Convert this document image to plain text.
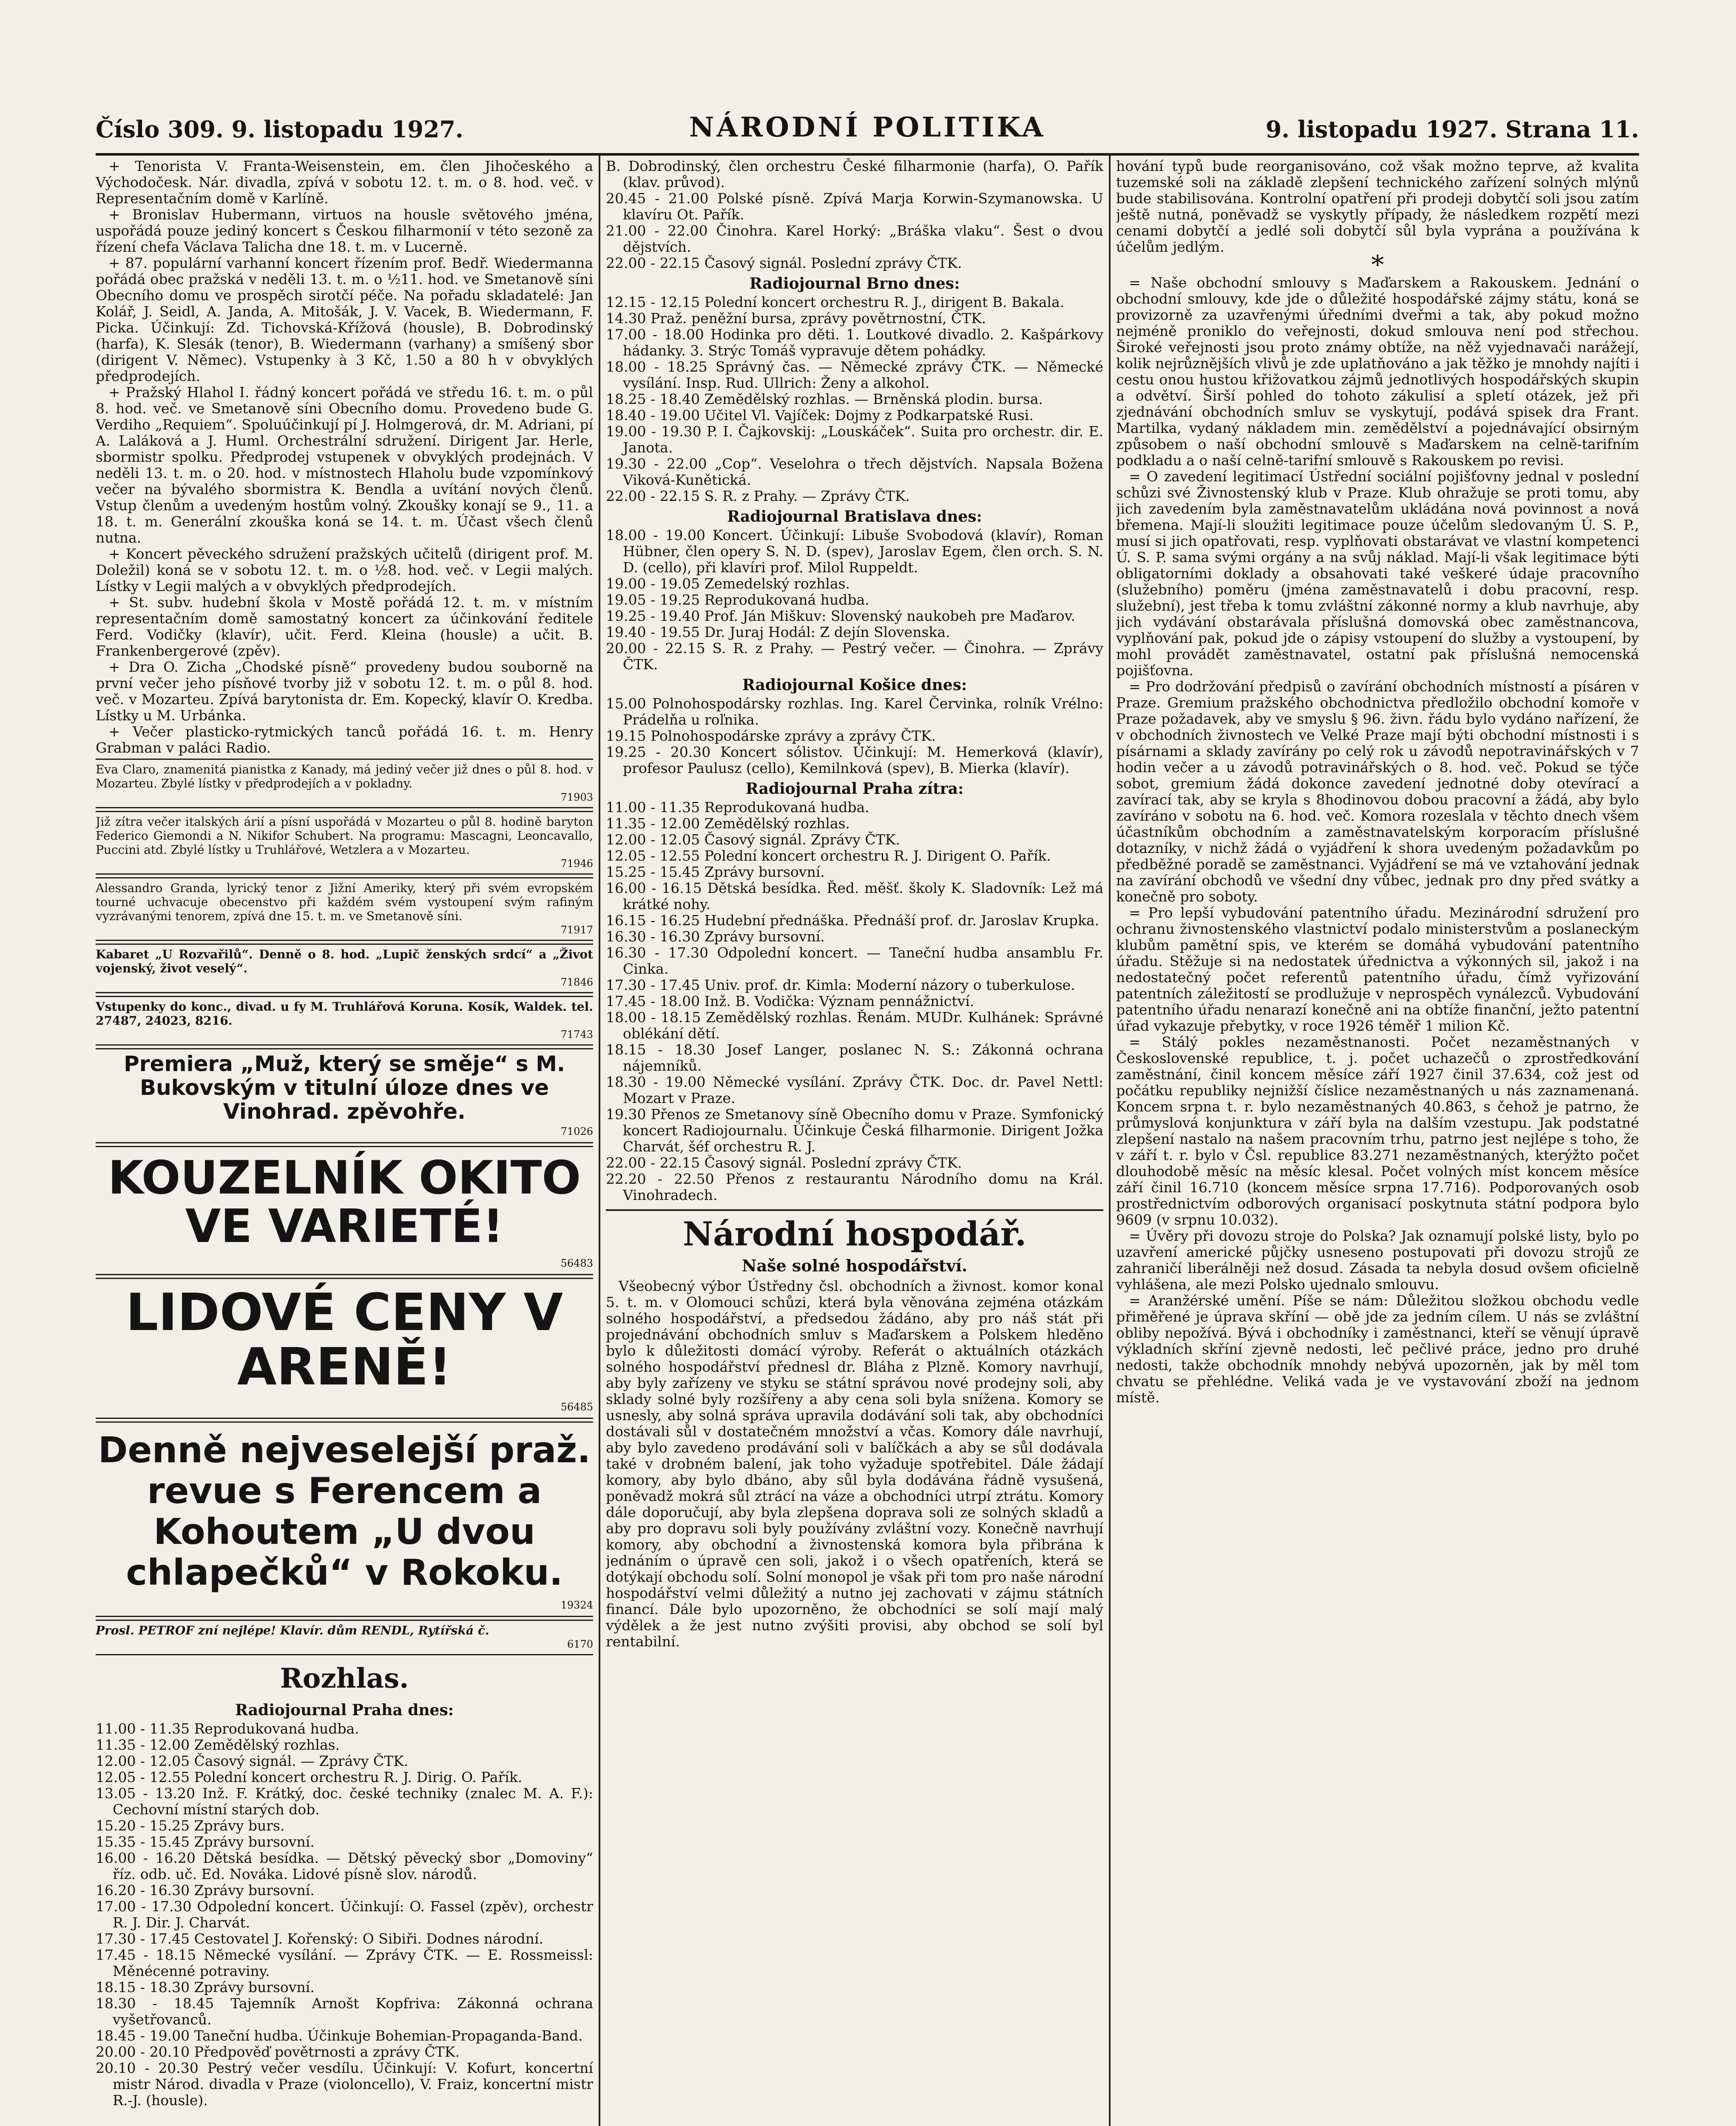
Číslo 309. 9. listopadu 1927.	NÁRODNÍ POLITIKA	9. listopadu 1927. Strana 11.

+ Tenorista V. Franta-Weisenstein, em. člen Jihočeského a Východočesk. Nár. divadla, zpívá v sobotu 12. t. m. o 8. hod. več. v Representačním domě v Karlíně.

+ Bronislav Hubermann, virtuos na housle světového jména, uspořádá pouze jediný koncert s Českou filharmonií v této sezoně za řízení chefa Václava Talicha dne 18. t. m. v Lucerně.

+ 87. populární varhanní koncert řízením prof. Bedř. Wiedermanna pořádá obec pražská v neděli 13. t. m. o ½11. hod. ve Smetanově síni Obecního domu ve prospěch sirotčí péče. Na pořadu skladatelé: Jan Kolář, J. Seidl, A. Janda, A. Mitošák, J. V. Vacek, B. Wiedermann, F. Picka. Účinkují: Zd. Tichovská-Křížová (housle), B. Dobrodinský (harfa), K. Slesák (tenor), B. Wiedermann (varhany) a smíšený sbor (dirigent V. Němec). Vstupenky à 3 Kč, 1.50 a 80 h v obvyklých předprodejích.

+ Pražský Hlahol I. řádný koncert pořádá ve středu 16. t. m. o půl 8. hod. več. ve Smetanově síni Obecního domu. Provedeno bude G. Verdiho „Requiem“. Spoluúčinkují pí J. Holmgerová, dr. M. Adriani, pí A. Laláková a J. Huml. Orchestrální sdružení. Dirigent Jar. Herle, sbormistr spolku. Předprodej vstupenek v obvyklých prodejnách. V neděli 13. t. m. o 20. hod. v místnostech Hlaholu bude vzpomínkový večer na bývalého sbormistra K. Bendla a uvítání nových členů. Vstup členům a uvedeným hostům volný. Zkoušky konají se 9., 11. a 18. t. m. Generální zkouška koná se 14. t. m. Účast všech členů nutna.

+ Koncert pěveckého sdružení pražských učitelů (dirigent prof. M. Doležil) koná se v sobotu 12. t. m. o ½8. hod. več. v Legii malých. Lístky v Legii malých a v obvyklých předprodejích.

+ St. subv. hudební škola v Mostě pořádá 12. t. m. v místním representačním domě samostatný koncert za účinkování ředitele Ferd. Vodičky (klavír), učit. Ferd. Kleina (housle) a učit. B. Frankenbergerové (zpěv).

+ Dra O. Zicha „Chodské písně“ provedeny budou souborně na první večer jeho písňové tvorby již v sobotu 12. t. m. o půl 8. hod. več. v Mozarteu. Zpívá barytonista dr. Em. Kopecký, klavír O. Kredba. Lístky u M. Urbánka.

+ Večer plasticko-rytmických tanců pořádá 16. t. m. Henry Grabman v paláci Radio.

Eva Claro, znamenitá pianistka z Kanady, má jediný večer již dnes o půl 8. hod. v Mozarteu. Zbylé lístky v předprodejích a v pokladny.

71903

Již zítra večer italských árií a písní uspořádá v Mozarteu o půl 8. hodině baryton Federico Giemondi a N. Nikifor Schubert. Na programu: Mascagni, Leoncavallo, Puccini atd. Zbylé lístky u Truhlářové, Wetzlera a v Mozarteu.

71946

Alessandro Granda, lyrický tenor z Jižní Ameriky, který při svém evropském tourné uchvacuje obecenstvo při každém svém vystoupení svým rafiným vyzrávanými tenorem, zpívá dne 15. t. m. ve Smetanově síni.

71917

Kabaret „U Rozvařilů“. Denně o 8. hod. „Lupič ženských srdcí“ a „Život vojenský, život veselý“.

71846

Vstupenky do konc., divad. u fy M. Truhlářová Koruna. Kosík, Waldek. tel. 27487, 24023, 8216.

71743

Premiera „Muž, který se směje“ s M. Bukovským v titulní úloze dnes ve Vinohrad. zpěvohře.

71026

KOUZELNÍK OKITO VE VARIETÉ!

56483

LIDOVÉ CENY V ARENĚ!

56485

Denně nejveselejší praž. revue s Ferencem a Kohoutem „U dvou chlapečků“ v Rokoku.

19324

Prosl. PETROF zní nejlépe! Klavír. dům RENDL, Rytířská č.

6170

Rozhlas.

Radiojournal Praha dnes:

11.00 - 11.35 Reprodukovaná hudba.

11.35 - 12.00 Zemědělský rozhlas.

12.00 - 12.05 Časový signál. — Zprávy ČTK.

12.05 - 12.55 Polední koncert orchestru R. J. Dirig. O. Pařík.

13.05 - 13.20 Inž. F. Krátký, doc. české techniky (znalec M. A. F.): Cechovní místní starých dob.

15.20 - 15.25 Zprávy burs.

15.35 - 15.45 Zprávy bursovní.

16.00 - 16.20 Dětská besídka. — Dětský pěvecký sbor „Domoviny“ říz. odb. uč. Ed. Nováka. Lidové písně slov. národů.

16.20 - 16.30 Zprávy bursovní.

17.00 - 17.30 Odpolední koncert. Účinkují: O. Fassel (zpěv), orchestr R. J. Dir. J. Charvát.

17.30 - 17.45 Cestovatel J. Kořenský: O Sibiři. Dodnes národní.

17.45 - 18.15 Německé vysílání. — Zprávy ČTK. — E. Rossmeissl: Měnécenné potraviny.

18.15 - 18.30 Zprávy bursovní.

18.30 - 18.45 Tajemník Arnošt Kopfriva: Zákonná ochrana vyšetřovanců.

18.45 - 19.00 Taneční hudba. Účinkuje Bohemian-Propaganda-Band.

20.00 - 20.10 Předpověď povětrnosti a zprávy ČTK.

20.10 - 20.30 Pestrý večer vesdílu. Účinkují: V. Kofurt, koncertní mistr Národ. divadla v Praze (violoncello), V. Fraiz, koncertní mistr R.-J. (housle).

B. Dobrodinský, člen orchestru České filharmonie (harfa), O. Pařík (klav. průvod).

20.45 - 21.00 Polské písně. Zpívá Marja Korwin-Szymanowska. U klavíru Ot. Pařík.

21.00 - 22.00 Činohra. Karel Horký: „Bráška vlaku“. Šest o dvou dějstvích.

22.00 - 22.15 Časový signál. Poslední zprávy ČTK.

Radiojournal Brno dnes:

12.15 - 12.15 Polední koncert orchestru R. J., dirigent B. Bakala.

14.30 Praž. peněžní bursa, zprávy povětrnostní, ČTK.

17.00 - 18.00 Hodinka pro děti. 1. Loutkové divadlo. 2. Kašpárkovy hádanky. 3. Strýc Tomáš vypravuje dětem pohádky.

18.00 - 18.25 Správný čas. — Německé zprávy ČTK. — Německé vysílání. Insp. Rud. Ullrich: Ženy a alkohol.

18.25 - 18.40 Zemědělský rozhlas. — Brněnská plodin. bursa.

18.40 - 19.00 Učitel Vl. Vajíček: Dojmy z Podkarpatské Rusi.

19.00 - 19.30 P. I. Čajkovskij: „Louskáček“. Suita pro orchestr. dir. E. Janota.

19.30 - 22.00 „Cop“. Veselohra o třech dějstvích. Napsala Božena Viková-Kunětická.

22.00 - 22.15 S. R. z Prahy. — Zprávy ČTK.

Radiojournal Bratislava dnes:

18.00 - 19.00 Koncert. Účinkují: Libuše Svobodová (klavír), Roman Hübner, člen opery S. N. D. (spev), Jaroslav Egem, člen orch. S. N. D. (cello), při klavíri prof. Milol Ruppeldt.

19.00 - 19.05 Zemedelský rozhlas.

19.05 - 19.25 Reprodukovaná hudba.

19.25 - 19.40 Prof. Ján Miškuv: Slovenský naukobeh pre Maďarov.

19.40 - 19.55 Dr. Juraj Hodál: Z dejín Slovenska.

20.00 - 22.15 S. R. z Prahy. — Pestrý večer. — Činohra. — Zprávy ČTK.

Radiojournal Košice dnes:

15.00 Polnohospodársky rozhlas. Ing. Karel Červinka, rolník Vrélno: Prádelňa u roľnika.

19.15 Polnohospodárske zprávy a zprávy ČTK.

19.25 - 20.30 Koncert sólistov. Účinkují: M. Hemerková (klavír), profesor Paulusz (cello), Kemilnková (spev), B. Mierka (klavír).

Radiojournal Praha zítra:

11.00 - 11.35 Reprodukovaná hudba.

11.35 - 12.00 Zemědělský rozhlas.

12.00 - 12.05 Časový signál. Zprávy ČTK.

12.05 - 12.55 Polední koncert orchestru R. J. Dirigent O. Pařík.

15.25 - 15.45 Zprávy bursovní.

16.00 - 16.15 Dětská besídka. Řed. měšť. školy K. Sladovník: Lež má krátké nohy.

16.15 - 16.25 Hudební přednáška. Přednáší prof. dr. Jaroslav Krupka.

16.30 - 16.30 Zprávy bursovní.

16.30 - 17.30 Odpolední koncert. — Taneční hudba ansamblu Fr. Cinka.

17.30 - 17.45 Univ. prof. dr. Kimla: Moderní názory o tuberkulose.

17.45 - 18.00 Inž. B. Vodička: Význam pennážnictví.

18.00 - 18.15 Zemědělský rozhlas. Řenám. MUDr. Kulhánek: Správné oblékání dětí.

18.15 - 18.30 Josef Langer, poslanec N. S.: Zákonná ochrana nájemníků.

18.30 - 19.00 Německé vysílání. Zprávy ČTK. Doc. dr. Pavel Nettl: Mozart v Praze.

19.30 Přenos ze Smetanovy síně Obecního domu v Praze. Symfonický koncert Radiojournalu. Účinkuje Česká filharmonie. Dirigent Jožka Charvát, šéf orchestru R. J.

22.00 - 22.15 Časový signál. Poslední zprávy ČTK.

22.20 - 22.50 Přenos z restaurantu Národního domu na Král. Vinohradech.

Národní hospodář.

Naše solné hospodářství.

Všeobecný výbor Ústředny čsl. obchodních a živnost. komor konal 5. t. m. v Olomouci schůzi, která byla věnována zejména otázkám solného hospodářství, a předsedou žádáno, aby pro náš stát při projednávání obchodních smluv s Maďarskem a Polskem hleděno bylo k důležitosti domácí výroby. Referát o aktuálních otázkách solného hospodářství přednesl dr. Bláha z Plzně. Komory navrhují, aby byly zařízeny ve styku se státní správou nové prodejny soli, aby sklady solné byly rozšířeny a aby cena soli byla snížena. Komory se usnesly, aby solná správa upravila dodávání soli tak, aby obchodníci dostávali sůl v dostatečném množství a včas. Komory dále navrhují, aby bylo zavedeno prodávání soli v balíčkách a aby se sůl dodávala také v drobném balení, jak toho vyžaduje spotřebitel. Dále žádají komory, aby bylo dbáno, aby sůl byla dodávána řádně vysušená, poněvadž mokrá sůl ztrácí na váze a obchodníci utrpí ztrátu. Komory dále doporučují, aby byla zlepšena doprava soli ze solných skladů a aby pro dopravu soli byly používány zvláštní vozy. Konečně navrhují komory, aby obchodní a živnostenská komora byla přibrána k jednáním o úpravě cen soli, jakož i o všech opatřeních, která se dotýkají obchodu solí. Solní monopol je však při tom pro naše národní hospodářství velmi důležitý a nutno jej zachovati v zájmu státních financí. Dále bylo upozorněno, že obchodníci se solí mají malý výdělek a že jest nutno zvýšiti provisi, aby obchod se solí byl rentabilní.

hování typů bude reorganisováno, což však možno teprve, až kvalita tuzemské soli na základě zlepšení technického zařízení solných mlýnů bude stabilisována. Kontrolní opatření při prodeji dobytčí soli jsou zatím ještě nutná, poněvadž se vyskytly případy, že následkem rozpětí mezi cenami dobytčí a jedlé soli dobytčí sůl byla vyprána a používána k účelům jedlým.

*

= Naše obchodní smlouvy s Maďarskem a Rakouskem. Jednání o obchodní smlouvy, kde jde o důležité hospodářské zájmy státu, koná se provizorně za uzavřenými úředními dveřmi a tak, aby pokud možno nejméně proniklo do veřejnosti, dokud smlouva není pod střechou. Široké veřejnosti jsou proto známy obtíže, na něž vyjednavači narážejí, kolik nejrůznějších vlivů je zde uplatňováno a jak těžko je mnohdy najíti i cestu onou hustou křižovatkou zájmů jednotlivých hospodářských skupin a odvětví. Širší pohled do tohoto zákulisí a spletí otázek, jež při zjednávání obchodních smluv se vyskytují, podává spisek dra Frant. Martilka, vydaný nákladem min. zemědělství a pojednávající obsirným způsobem o naší obchodní smlouvě s Maďarskem na celně-tarifním podkladu a o naší celně-tarifní smlouvě s Rakouskem po revisi.

= O zavedení legitimací Ústřední sociální pojišťovny jednal v poslední schůzi své Živnostenský klub v Praze. Klub ohražuje se proti tomu, aby jich zavedením byla zaměstnavatelům ukládána nová povinnost a nová břemena. Mají-li sloužiti legitimace pouze účelům sledovaným Ú. S. P., musí si jich opatřovati, resp. vyplňovati obstarávat ve vlastní kompetenci Ú. S. P. sama svými orgány a na svůj náklad. Mají-li však legitimace býti obligatorními doklady a obsahovati také veškeré údaje pracovního (služebního) poměru (jména zaměstnavatelů i dobu pracovní, resp. služební), jest třeba k tomu zvláštní zákonné normy a klub navrhuje, aby jich vydávání obstarávala příslušná domovská obec zaměstnancova, vyplňování pak, pokud jde o zápisy vstoupení do služby a vystoupení, by mohl provádět zaměstnavatel, ostatní pak příslušná nemocenská pojišťovna.

= Pro dodržování předpisů o zavírání obchodních místností a písáren v Praze. Gremium pražského obchodnictva předložilo obchodní komoře v Praze požadavek, aby ve smyslu § 96. živn. řádu bylo vydáno nařízení, že v obchodních živnostech ve Velké Praze mají býti obchodní místnosti i s písárnami a sklady zavírány po celý rok u závodů nepotravinářských v 7 hodin večer a u závodů potravinářských o 8. hod. več. Pokud se týče sobot, gremium žádá dokonce zavedení jednotné doby otevírací a zavírací tak, aby se kryla s 8hodinovou dobou pracovní a žádá, aby bylo zavíráno v sobotu na 6. hod. več. Komora rozeslala v těchto dnech všem účastníkům obchodním a zaměstnavatelským korporacím příslušné dotazníky, v nichž žádá o vyjádření k shora uvedeným požadavkům po předběžné poradě se zaměstnanci. Vyjádření se má ve vztahování jednak na zavírání obchodů ve všední dny vůbec, jednak pro dny před svátky a konečně pro soboty.

= Pro lepší vybudování patentního úřadu. Mezinárodní sdružení pro ochranu živnostenského vlastnictví podalo ministerstvům a poslaneckým klubům pamětní spis, ve kterém se domáhá vybudování patentního úřadu. Stěžuje si na nedostatek úřednictva a výkonných sil, jakož i na nedostatečný počet referentů patentního úřadu, čímž vyřizování patentních záležitostí se prodlužuje v neprospěch vynálezců. Vybudování patentního úřadu nenarazí konečně ani na obtíže finanční, ježto patentní úřad vykazuje přebytky, v roce 1926 téměř 1 milion Kč.

= Stálý pokles nezaměstnanosti. Počet nezaměstnaných v Československé republice, t. j. počet uchazečů o zprostředkování zaměstnání, činil koncem měsíce září 1927 činil 37.634, což jest od počátku republiky nejnižší číslice nezaměstnaných u nás zaznamenaná. Koncem srpna t. r. bylo nezaměstnaných 40.863, s čehož je patrno, že průmyslová konjunktura v září byla na dalším vzestupu. Jak podstatné zlepšení nastalo na našem pracovním trhu, patrno jest nejlépe s toho, že v září t. r. bylo v Čsl. republice 83.271 nezaměstnaných, kterýžto počet dlouhodobě měsíc na měsíc klesal. Počet volných míst koncem měsíce září činil 16.710 (koncem měsíce srpna 17.716). Podporovaných osob prostřednictvím odborových organisací poskytnuta státní podpora bylo 9609 (v srpnu 10.032).

= Úvěry při dovozu stroje do Polska? Jak oznamují polské listy, bylo po uzavření americké půjčky usneseno postupovati při dovozu strojů ze zahraničí liberálněji než dosud. Zásada ta nebyla dosud ovšem oficielně vyhlášena, ale mezi Polsko ujednalo smlouvu.

= Aranžérské umění. Píše se nám: Důležitou složkou obchodu vedle přiměřené je úprava skříní — obě jde za jedním cílem. U nás se zvláštní obliby nepožívá. Bývá i obchodníky i zaměstnanci, kteří se věnují úpravě výkladních skříní zjevně nedosti, leč pečlivé práce, jedno pro druhé nedosti, takže obchodník mnohdy nebývá upozorněn, jak by měl tom chvatu se přehlédne. Veliká vada je ve vystavování zboží na jednom místě.
